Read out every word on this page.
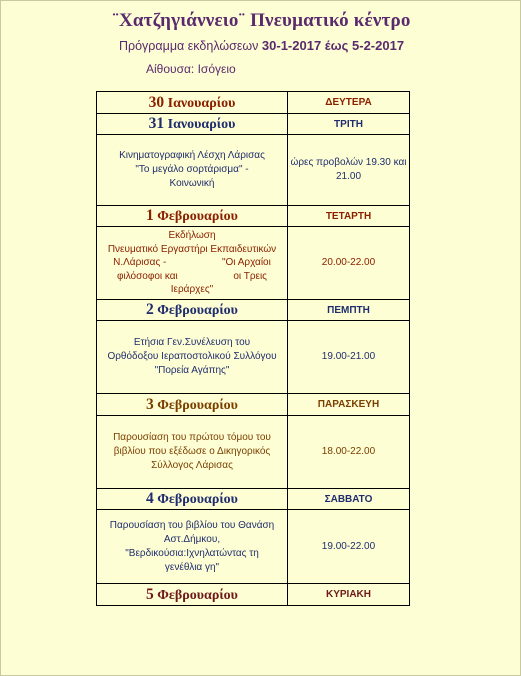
¨Χατζηγιάννειο¨ Πνευματικό κέντρο
Πρόγραμμα εκδηλώσεων 30-1-2017 έως 5-2-2017
Αίθουσα: Ισόγειο
30 Ιανουαρίου	ΔΕΥΤΕΡΑ
31 Ιανουαρίου	ΤΡΙΤΗ

Κινηματογραφική Λέσχη Λάρισας
"Το μεγάλο σορτάρισμα" -
Κοινωνική	ώρες προβολών 19.30 και 21.00
1 Φεβρουαρίου	ΤΕΤΑΡΤΗ

Εκδήλωση
Πνευματικό Εργαστήρι Εκπαιδευτικών
Ν.Λάρισας -                    "Οι Αρχαίοι
φιλόσοφοι και                    οι Τρεις
Ιεράρχες"	20.00-22.00
2 Φεβρουαρίου	ΠΕΜΠΤΗ

Ετήσια Γεν.Συνέλευση του
Ορθόδοξου Ιεραποστολικού Συλλόγου
"Πορεία Αγάπης"	19.00-21.00
3 Φεβρουαρίου	ΠΑΡΑΣΚΕΥΗ

Παρουσίαση του πρώτου τόμου του
βιβλίου που εξέδωσε ο Δικηγορικός
Σύλλογος Λάρισας	18.00-22.00
4 Φεβρουαρίου	ΣΑΒΒΑΤΟ

Παρουσίαση του βιβλίου του Θανάση
Αστ.Δήμκου,
"Βερδικούσια:Ιχνηλατώντας τη
γενέθλια γη"	19.00-22.00
5 Φεβρουαρίου	ΚΥΡΙΑΚΗ
